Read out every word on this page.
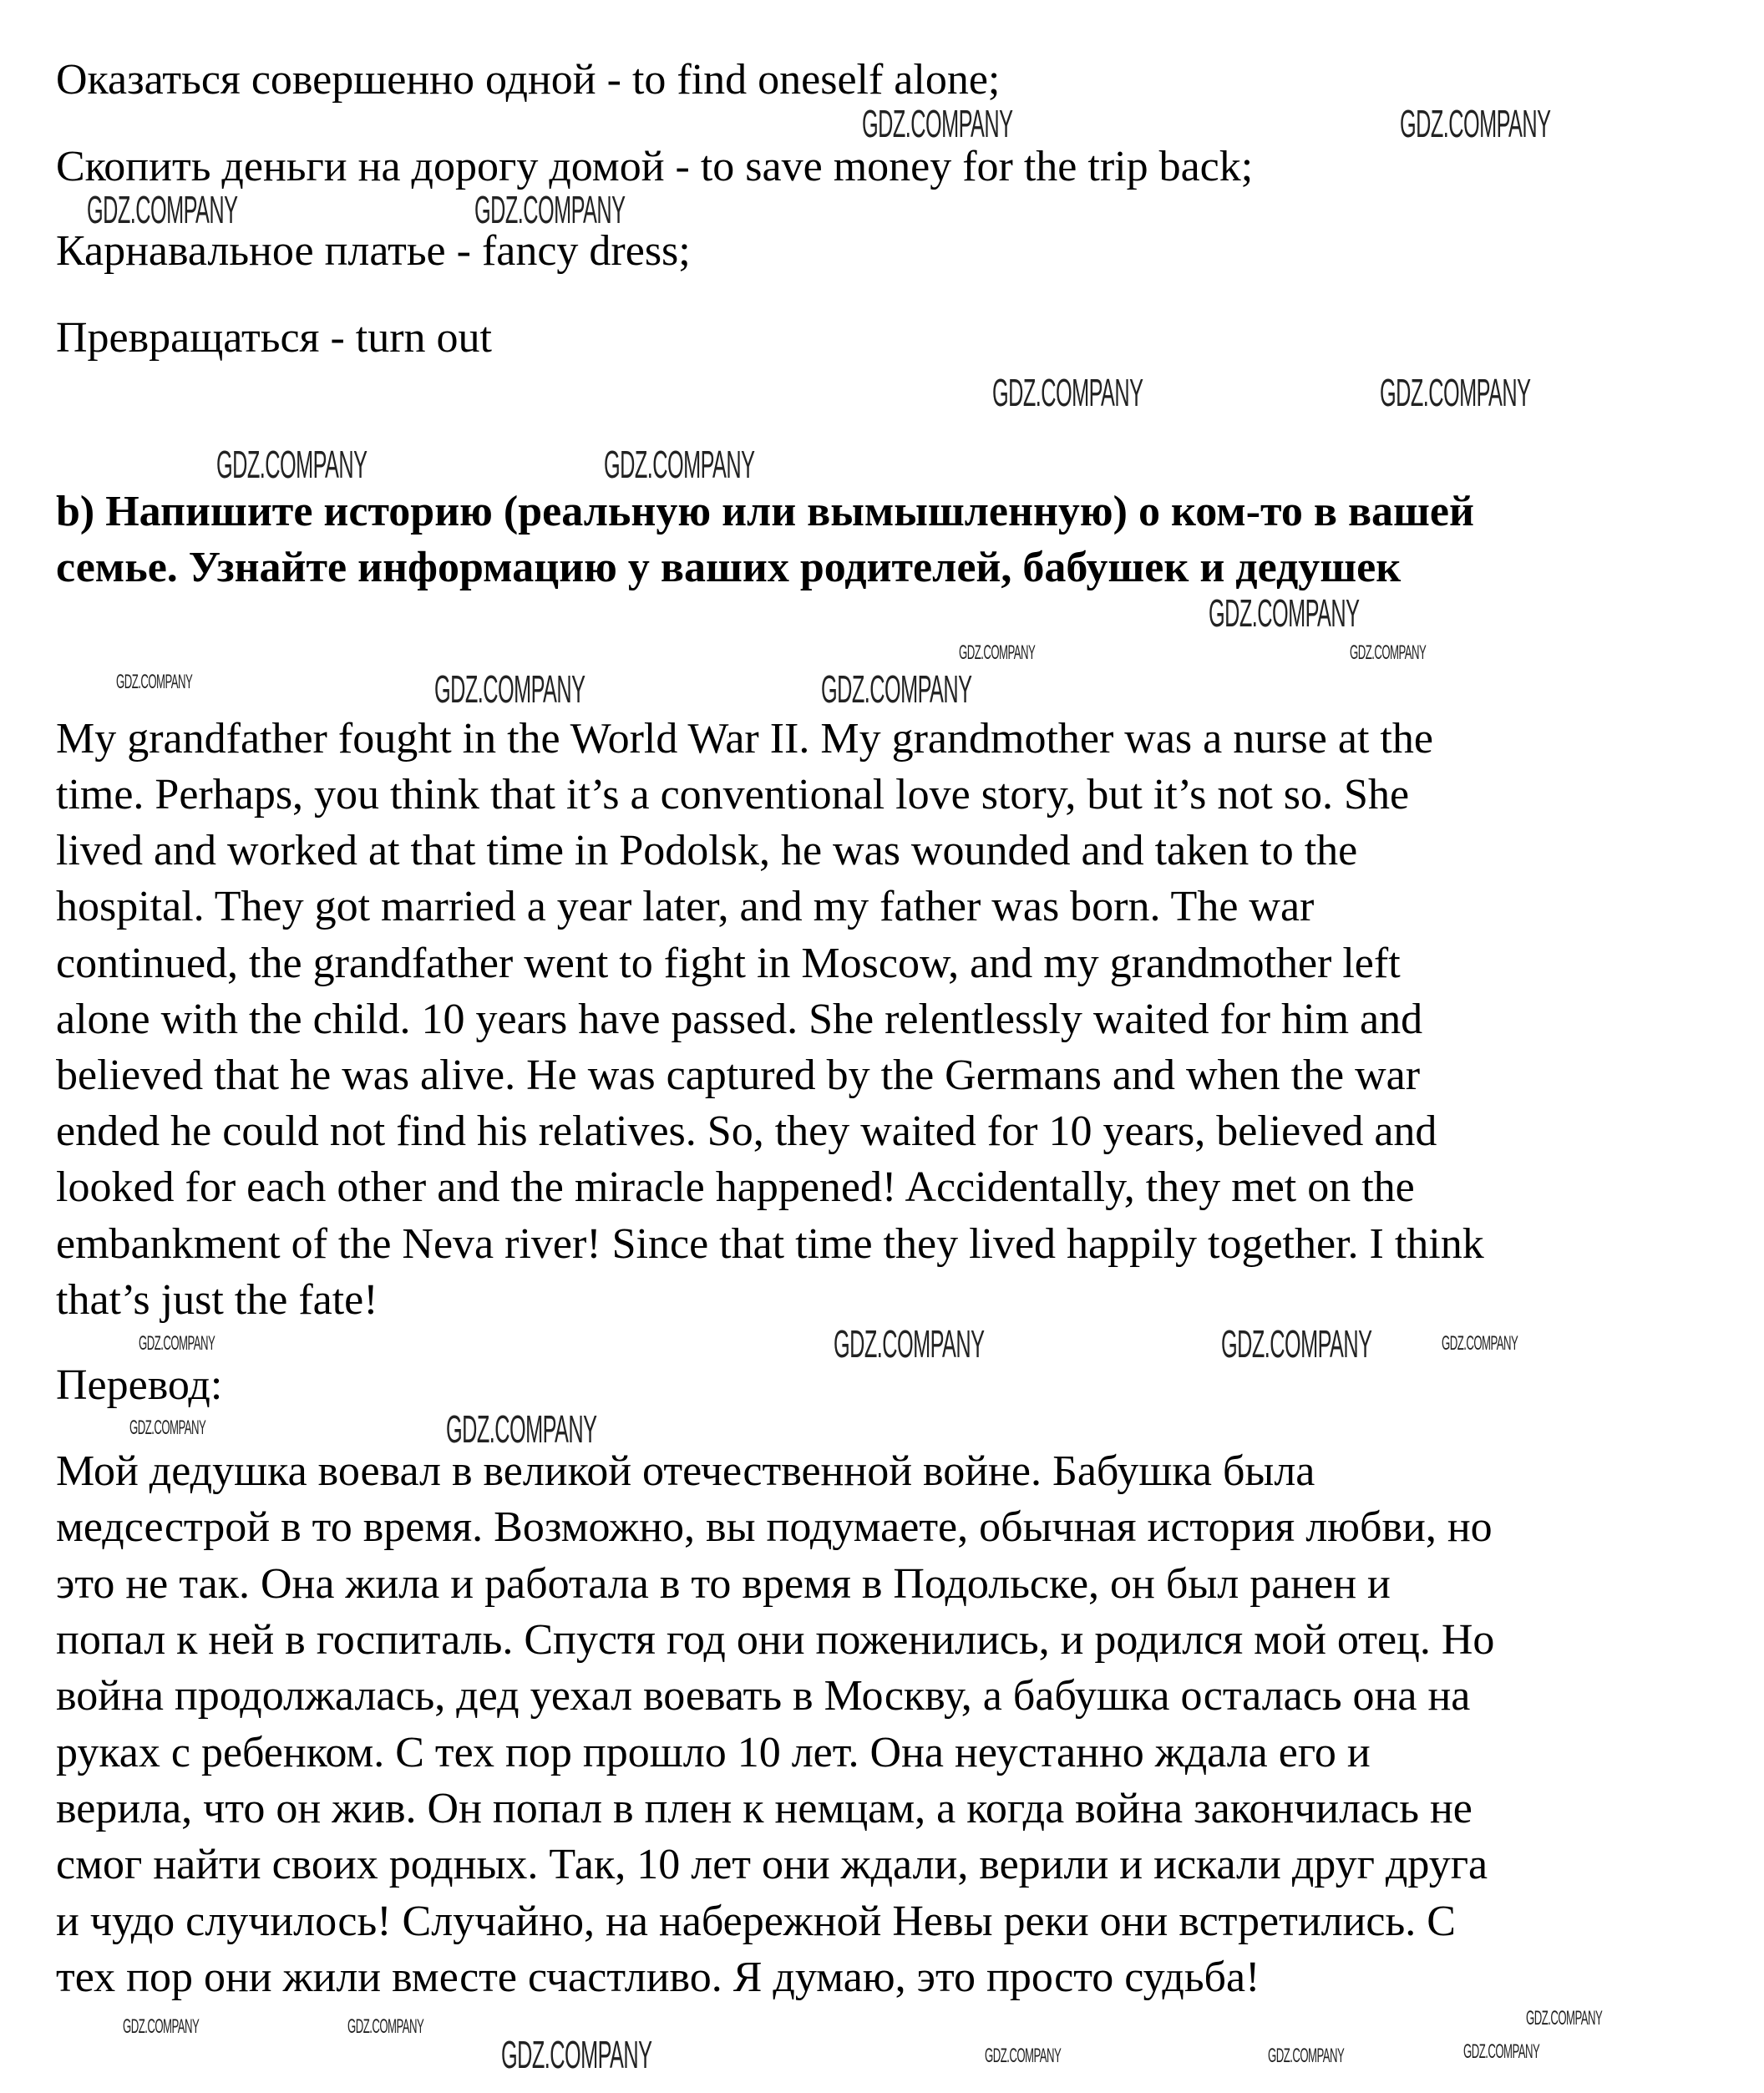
Оказаться совершенно одной - to find oneself alone;
Скопить деньги на дорогу домой - to save money for the trip back;
Карнавальное платье - fancy dress;
Превращаться - turn out
b) Напишите историю (реальную или вымышленную) о ком-то в вашей
семье. Узнайте информацию у ваших родителей, бабушек и дедушек
My grandfather fought in the World War II. My grandmother was a nurse at the
time. Perhaps, you think that it’s a conventional love story, but it’s not so. She
lived and worked at that time in Podolsk, he was wounded and taken to the
hospital. They got married a year later, and my father was born. The war
continued, the grandfather went to fight in Moscow, and my grandmother left
alone with the child. 10 years have passed. She relentlessly waited for him and
believed that he was alive. He was captured by the Germans and when the war
ended he could not find his relatives. So, they waited for 10 years, believed and
looked for each other and the miracle happened! Accidentally, they met on the
embankment of the Neva river! Since that time they lived happily together. I think
that’s just the fate!
Перевод:
Мой дедушка воевал в великой отечественной войне. Бабушка была
медсестрой в то время. Возможно, вы подумаете, обычная история любви, но
это не так. Она жила и работала в то время в Подольске, он был ранен и
попал к ней в госпиталь. Спустя год они поженились, и родился мой отец. Но
война продолжалась, дед уехал воевать в Москву, а бабушка осталась она на
руках с ребенком. С тех пор прошло 10 лет. Она неустанно ждала его и
верила, что он жив. Он попал в плен к немцам, а когда война закончилась не
смог найти своих родных. Так, 10 лет они ждали, верили и искали друг друга
и чудо случилось! Случайно, на набережной Невы реки они встретились. С
тех пор они жили вместе счастливо. Я думаю, это просто судьба!
GDZ.COMPANY	GDZ.COMPANY
GDZ.COMPANY	GDZ.COMPANY
GDZ.COMPANY	GDZ.COMPANY
GDZ.COMPANY	GDZ.COMPANY
GDZ.COMPANY
GDZ.COMPANY	GDZ.COMPANY	GDZ.COMPANY
GDZ.COMPANY
GDZ.COMPANY
GDZ.COMPANY	GDZ.COMPANY
GDZ.COMPANY
GDZ.COMPANY	GDZ.COMPANY
GDZ.COMPANY
GDZ.COMPANY
GDZ.COMPANY	GDZ.COMPANY
GDZ.COMPANY
GDZ.COMPANY
GDZ.COMPANY
GDZ.COMPANY
